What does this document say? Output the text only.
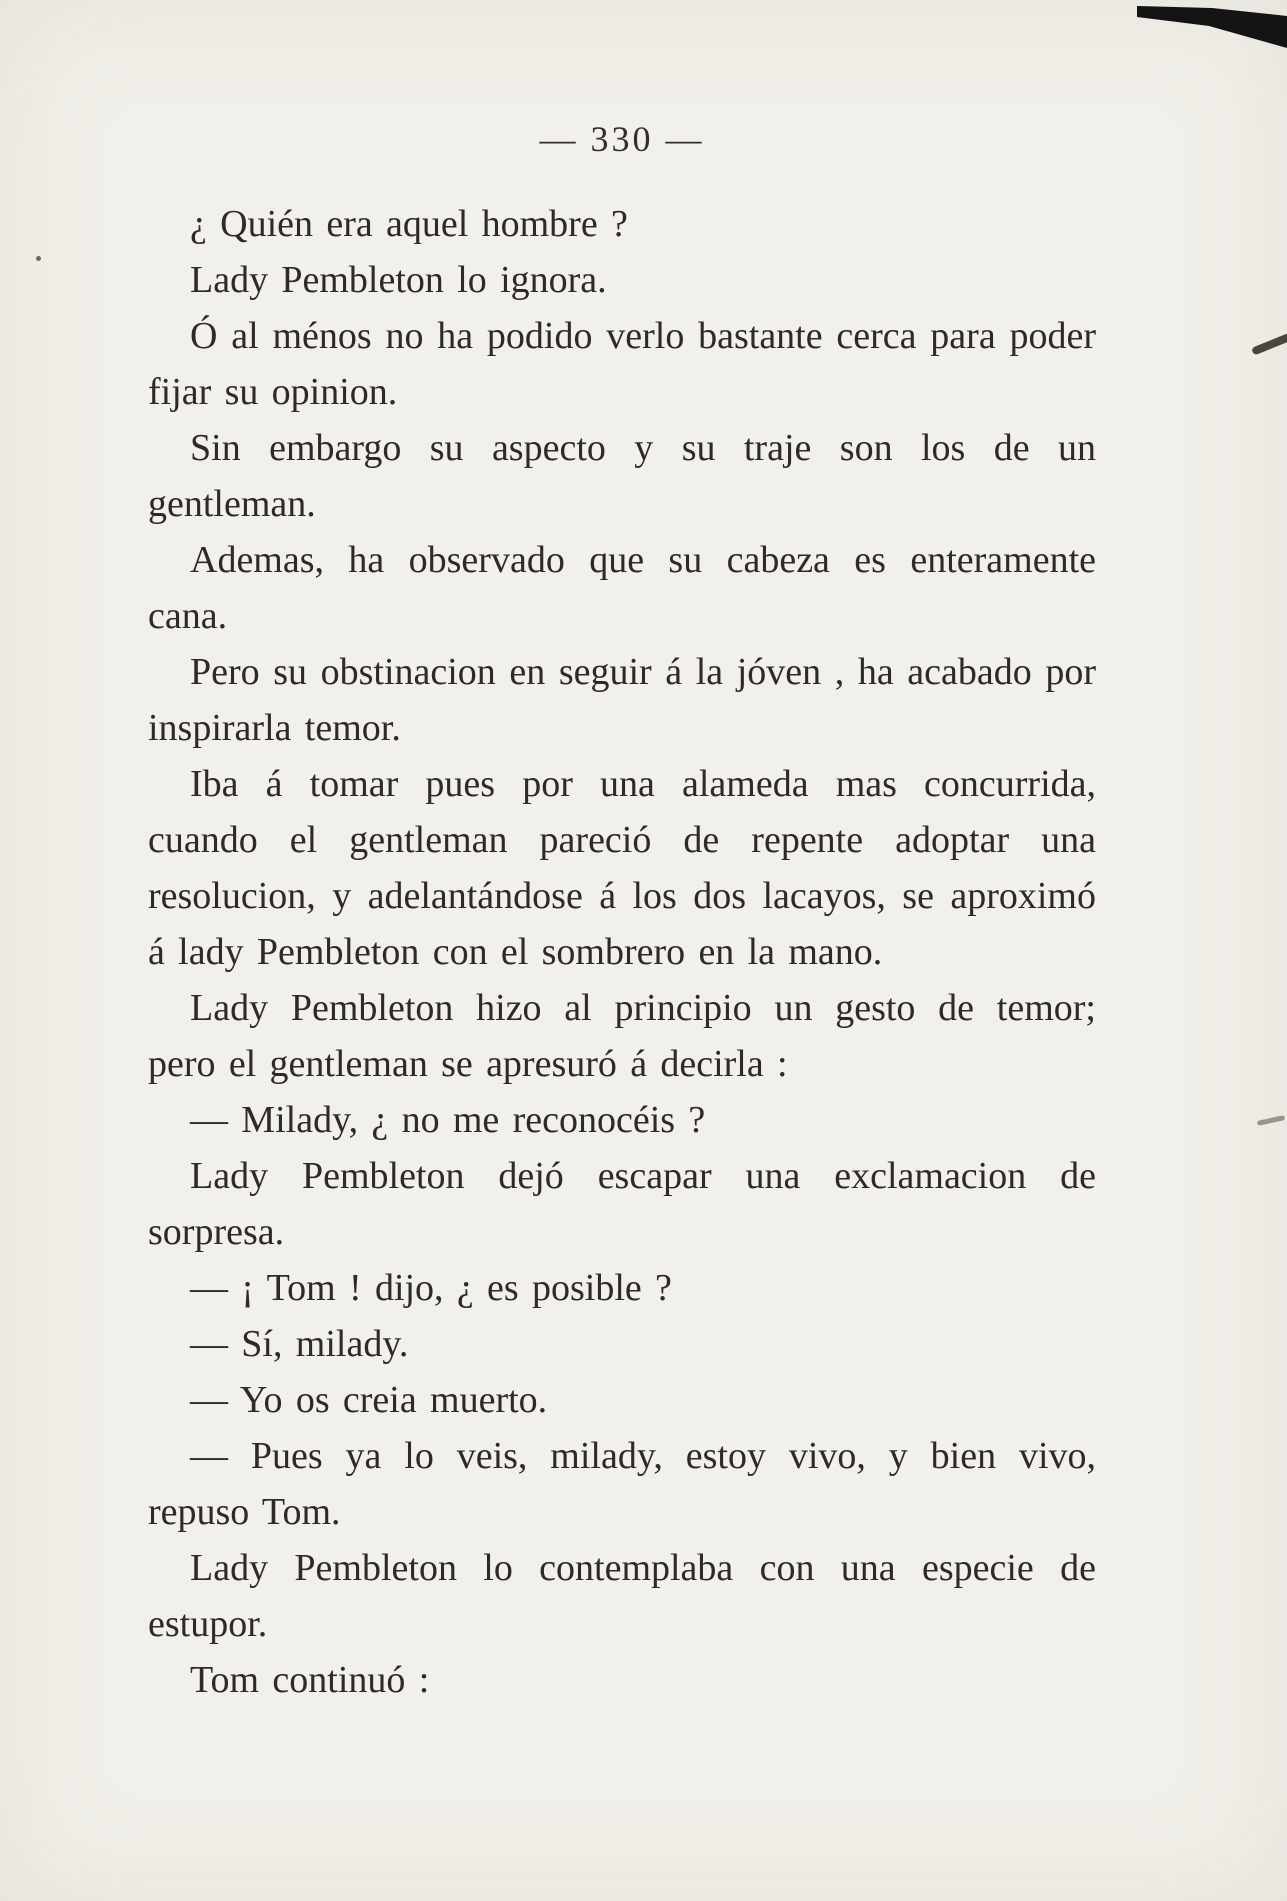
— 330 —

¿ Quién era aquel hombre ?

Lady Pembleton lo ignora.

Ó al ménos no ha podido verlo bastante cerca para poder fijar su opinion.

Sin embargo su aspecto y su traje son los de un gentleman.

Ademas, ha observado que su cabeza es enteramente cana.

Pero su obstinacion en seguir á la jóven , ha acabado por inspirarla temor.

Iba á tomar pues por una alameda mas concurrida, cuando el gentleman pareció de repente adoptar una resolucion, y adelantándose á los dos lacayos, se aproximó á lady Pembleton con el sombrero en la mano.

Lady Pembleton hizo al principio un gesto de temor; pero el gentleman se apresuró á decirla :

— Milady, ¿ no me reconocéis ?

Lady Pembleton dejó escapar una exclamacion de sorpresa.

— ¡ Tom ! dijo, ¿ es posible ?

— Sí, milady.

— Yo os creia muerto.

— Pues ya lo veis, milady, estoy vivo, y bien vivo, repuso Tom.

Lady Pembleton lo contemplaba con una especie de estupor.

Tom continuó :
